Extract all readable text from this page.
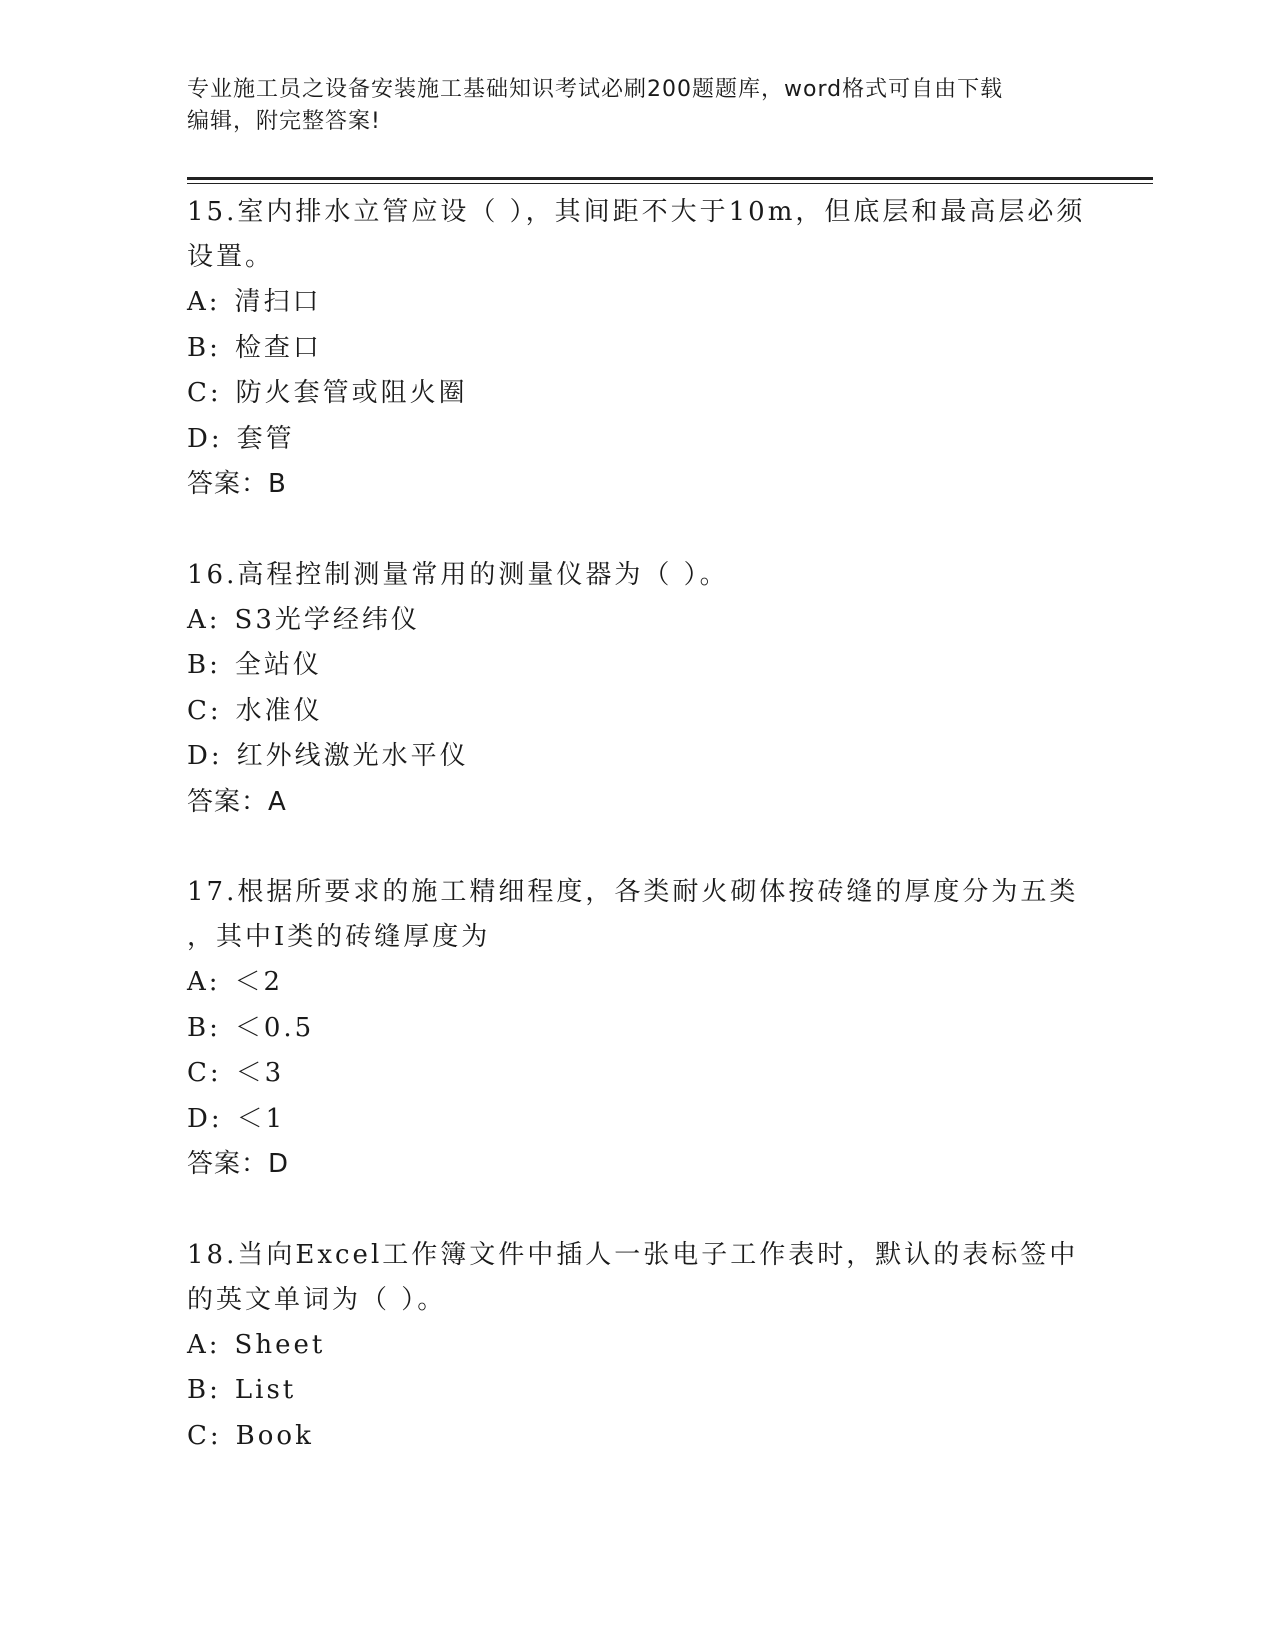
专业施工员之设备安装施工基础知识考试必刷200题题库，word格式可自由下载
编辑，附完整答案!
15.室内排水立管应设（ ），其间距不大于10m，但底层和最高层必须
设置。
A: 清扫口
B: 检查口
C: 防火套管或阻火圈
D: 套管
答案：B
16.高程控制测量常用的测量仪器为（ ）。
A: S3光学经纬仪
B: 全站仪
C: 水准仪
D: 红外线激光水平仪
答案：A
17.根据所要求的施工精细程度，各类耐火砌体按砖缝的厚度分为五类
，其中Ⅰ类的砖缝厚度为
A: ＜2
B: ＜0.5
C: ＜3
D: ＜1
答案：D
18.当向Excel工作簿文件中插人一张电子工作表时，默认的表标签中
的英文单词为（ ）。
A: Sheet
B: List
C: Book
